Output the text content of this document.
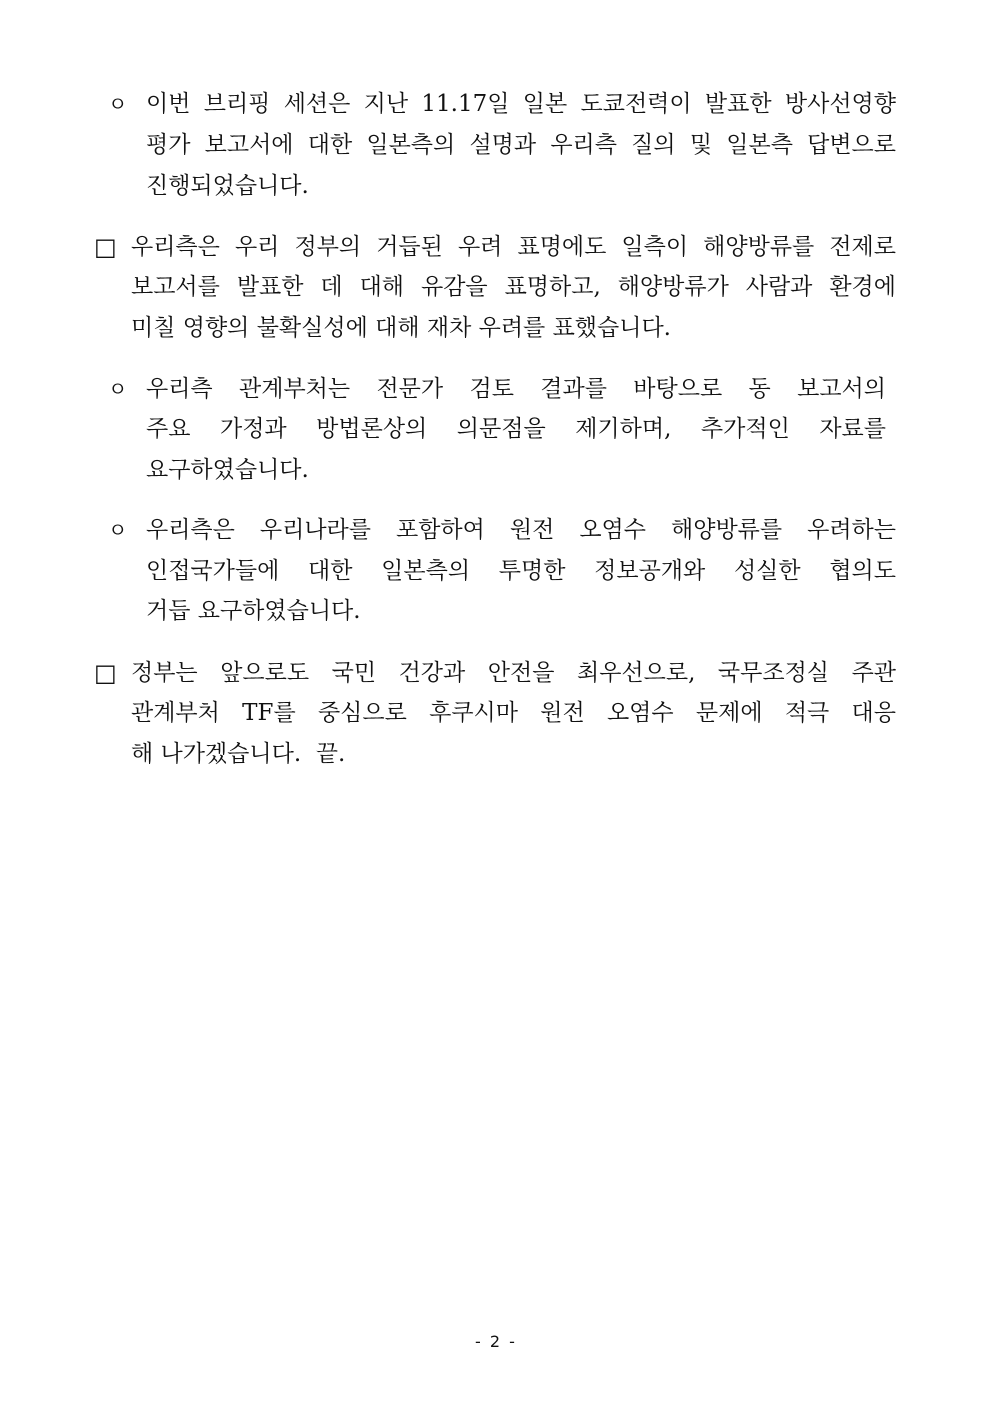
ㅇ 이번 브리핑 세션은 지난 11.17일 일본 도쿄전력이 발표한 방사선영향
평가 보고서에 대한 일본측의 설명과 우리측 질의 및 일본측 답변으로
진행되었습니다.
□ 우리측은 우리 정부의 거듭된 우려 표명에도 일측이 해양방류를 전제로
보고서를 발표한 데 대해 유감을 표명하고, 해양방류가 사람과 환경에
미칠 영향의 불확실성에 대해 재차 우려를 표했습니다.
ㅇ 우리측 관계부처는 전문가 검토 결과를 바탕으로 동 보고서의
주요 가정과 방법론상의 의문점을 제기하며, 추가적인 자료를
요구하였습니다.
ㅇ 우리측은 우리나라를 포함하여 원전 오염수 해양방류를 우려하는
인접국가들에 대한 일본측의 투명한 정보공개와 성실한 협의도
거듭 요구하였습니다.
□ 정부는 앞으로도 국민 건강과 안전을 최우선으로, 국무조정실 주관
관계부처 TF를 중심으로 후쿠시마 원전 오염수 문제에 적극 대응
해 나가겠습니다.  끝.
- 2 -
